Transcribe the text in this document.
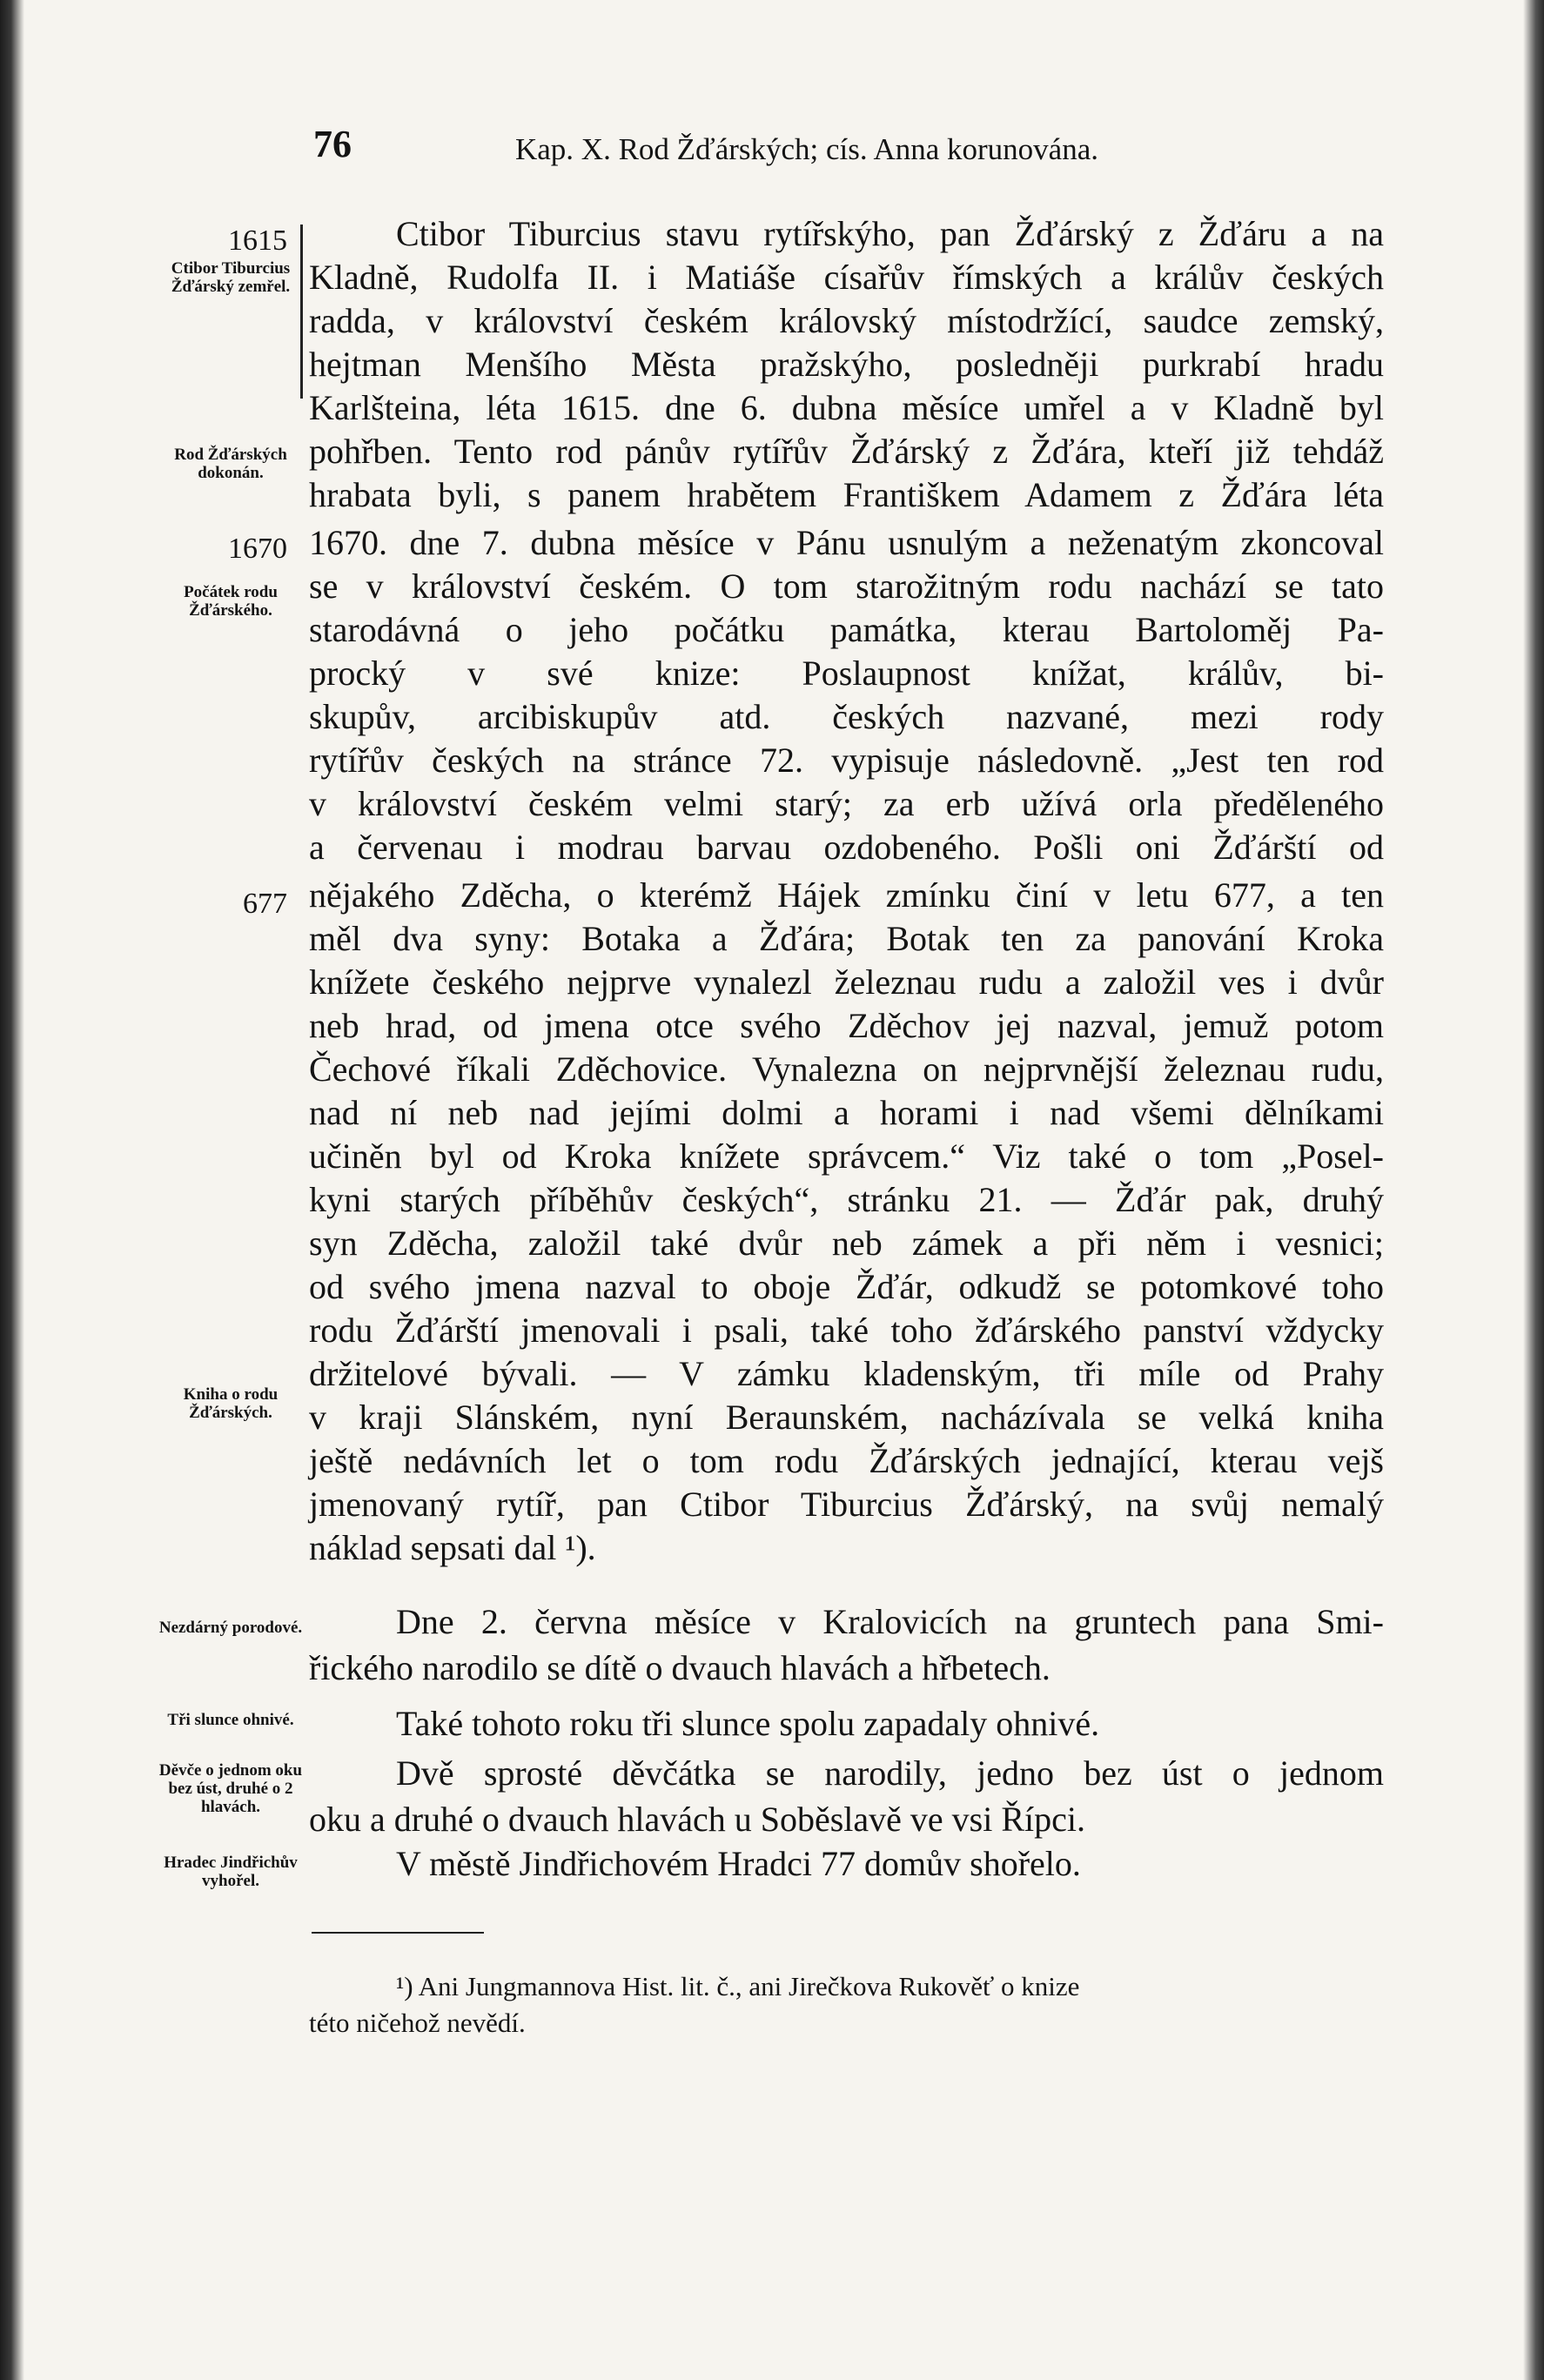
76	Kap. X. Rod Žďárských; cís. Anna korunována.
1615
Ctibor Tiburcius Žďárský zemřel.
Rod Žďárských dokonán.
1670
Počátek rodu Žďárského.
677
Kniha o rodu Žďárských.
Nezdárný porodové.
Tři slunce ohnivé.
Děvče o jednom oku bez úst, druhé o 2 hlavách.
Hradec Jindřichův vyhořel.
Ctibor Tiburcius stavu rytířskýho, pan Žďárský z Žďáru a na
Kladně, Rudolfa II. i Matiáše císařův římských a králův českých
radda, v království českém královský místodržící, saudce zemský,
hejtman Menšího Města pražskýho, posledněji purkrabí hradu
Karlšteina, léta 1615. dne 6. dubna měsíce umřel a v Kladně byl
pohřben. Tento rod pánův rytířův Žďárský z Žďára, kteří již tehdáž
hrabata byli, s panem hrabětem Františkem Adamem z Žďára léta
1670. dne 7. dubna měsíce v Pánu usnulým a neženatým zkoncoval
se v království českém. O tom starožitným rodu nachází se tato
starodávná o jeho počátku památka, kterau Bartoloměj Pa-
procký v své knize: Poslaupnost knížat, králův, bi-
skupův, arcibiskupův atd. českých nazvané, mezi rody
rytířův českých na stránce 72. vypisuje následovně. „Jest ten rod
v království českém velmi starý; za erb užívá orla předěleného
a červenau i modrau barvau ozdobeného. Pošli oni Žďárští od
nějakého Zděcha, o kterémž Hájek zmínku činí v letu 677, a ten
měl dva syny: Botaka a Žďára; Botak ten za panování Kroka
knížete českého nejprve vynalezl železnau rudu a založil ves i dvůr
neb hrad, od jmena otce svého Zděchov jej nazval, jemuž potom
Čechové říkali Zděchovice. Vynalezna on nejprvnější železnau rudu,
nad ní neb nad jejími dolmi a horami i nad všemi dělníkami
učiněn byl od Kroka knížete správcem.“ Viz také o tom „Posel-
kyni starých příběhův českých“, stránku 21. — Žďár pak, druhý
syn Zděcha, založil také dvůr neb zámek a při něm i vesnici;
od svého jmena nazval to oboje Žďár, odkudž se potomkové toho
rodu Žďárští jmenovali i psali, také toho žďárského panství vždycky
držitelové bývali. — V zámku kladenským, tři míle od Prahy
v kraji Slánském, nyní Beraunském, nacházívala se velká kniha
ještě nedávních let o tom rodu Žďárských jednající, kterau vejš
jmenovaný rytíř, pan Ctibor Tiburcius Žďárský, na svůj nemalý
náklad sepsati dal ¹).
Dne 2. června měsíce v Kralovicích na gruntech pana Smi-
řického narodilo se dítě o dvauch hlavách a hřbetech.
Také tohoto roku tři slunce spolu zapadaly ohnivé.
Dvě sprosté děvčátka se narodily, jedno bez úst o jednom
oku a druhé o dvauch hlavách u Soběslavě ve vsi Řípci.
V městě Jindřichovém Hradci 77 domův shořelo.
¹) Ani Jungmannova Hist. lit. č., ani Jirečkova Rukověť o knize
této ničehož nevědí.
